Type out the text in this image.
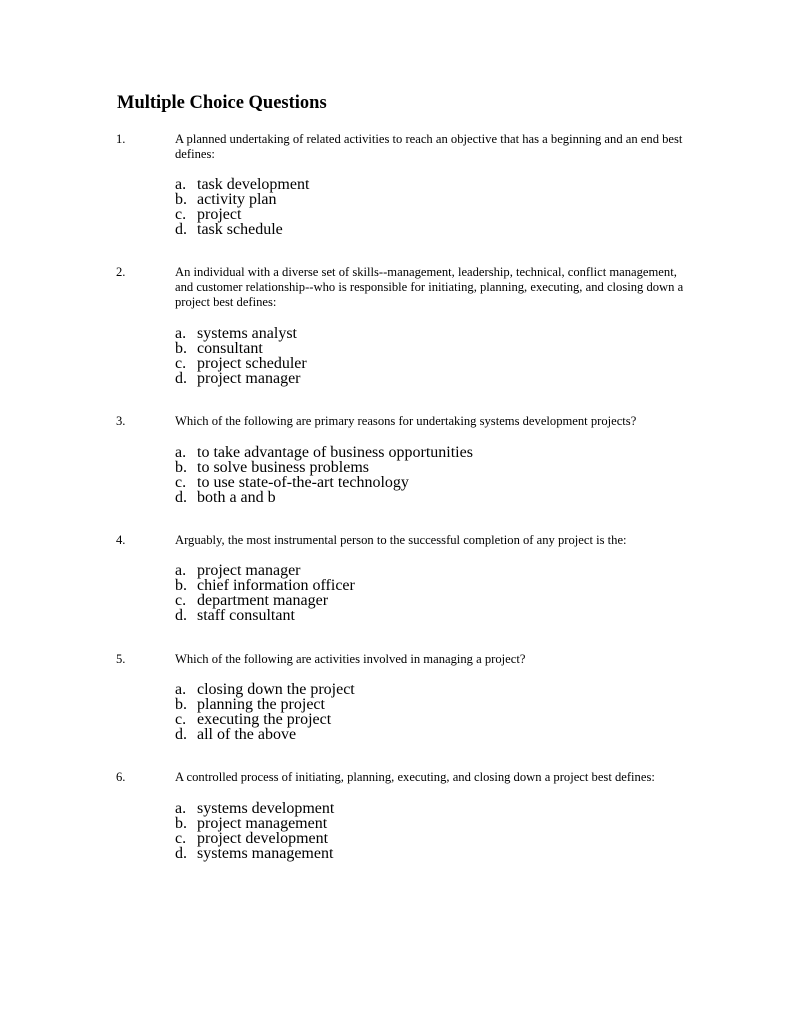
Multiple Choice Questions
1.	A planned undertaking of related activities to reach an objective that has a beginning and an end best
defines:
a. task development
b. activity plan
c. project
d. task schedule
2.	An individual with a diverse set of skills--management, leadership, technical, conflict management,
and customer relationship--who is responsible for initiating, planning, executing, and closing down a
project best defines:
a. systems analyst
b. consultant
c. project scheduler
d. project manager
3.	Which of the following are primary reasons for undertaking systems development projects?
a. to take advantage of business opportunities
b. to solve business problems
c. to use state-of-the-art technology
d. both a and b
4.	Arguably, the most instrumental person to the successful completion of any project is the:
a. project manager
b. chief information officer
c. department manager
d. staff consultant
5.	Which of the following are activities involved in managing a project?
a. closing down the project
b. planning the project
c. executing the project
d. all of the above
6.	A controlled process of initiating, planning, executing, and closing down a project best defines:
a. systems development
b. project management
c. project development
d. systems management
